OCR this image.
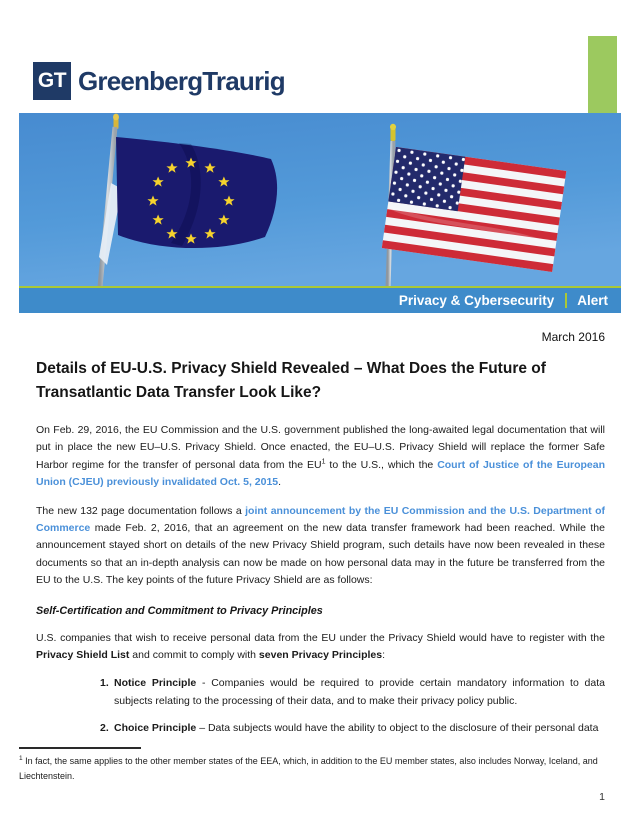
GT GreenbergTraurig
Privacy & Cybersecurity Alert
March 2016
Details of EU-U.S. Privacy Shield Revealed – What Does the Future of Transatlantic Data Transfer Look Like?

On Feb. 29, 2016, the EU Commission and the U.S. government published the long-awaited legal documentation that will put in place the new EU–U.S. Privacy Shield. Once enacted, the EU–U.S. Privacy Shield will replace the former Safe Harbor regime for the transfer of personal data from the EU$^1$ to the U.S., which the Court of Justice of the European Union (CJEU) previously invalidated Oct. 5, 2015.

The new 132 page documentation follows a joint announcement by the EU Commission and the U.S. Department of Commerce made Feb. 2, 2016, that an agreement on the new data transfer framework had been reached. While the announcement stayed short on details of the new Privacy Shield program, such details have now been revealed in these documents so that an in-depth analysis can now be made on how personal data may in the future be transferred from the EU to the U.S. The key points of the future Privacy Shield are as follows:

Self-Certification and Commitment to Privacy Principles

U.S. companies that wish to receive personal data from the EU under the Privacy Shield would have to register with the Privacy Shield List and commit to comply with seven Privacy Principles:

1. Notice Principle - Companies would be required to provide certain mandatory information to data subjects relating to the processing of their data, and to make their privacy policy public.
2. Choice Principle – Data subjects would have the ability to object to the disclosure of their personal data
$^1$ In fact, the same applies to the other member states of the EEA, which, in addition to the EU member states, also includes Norway, Iceland, and Liechtenstein.
1
